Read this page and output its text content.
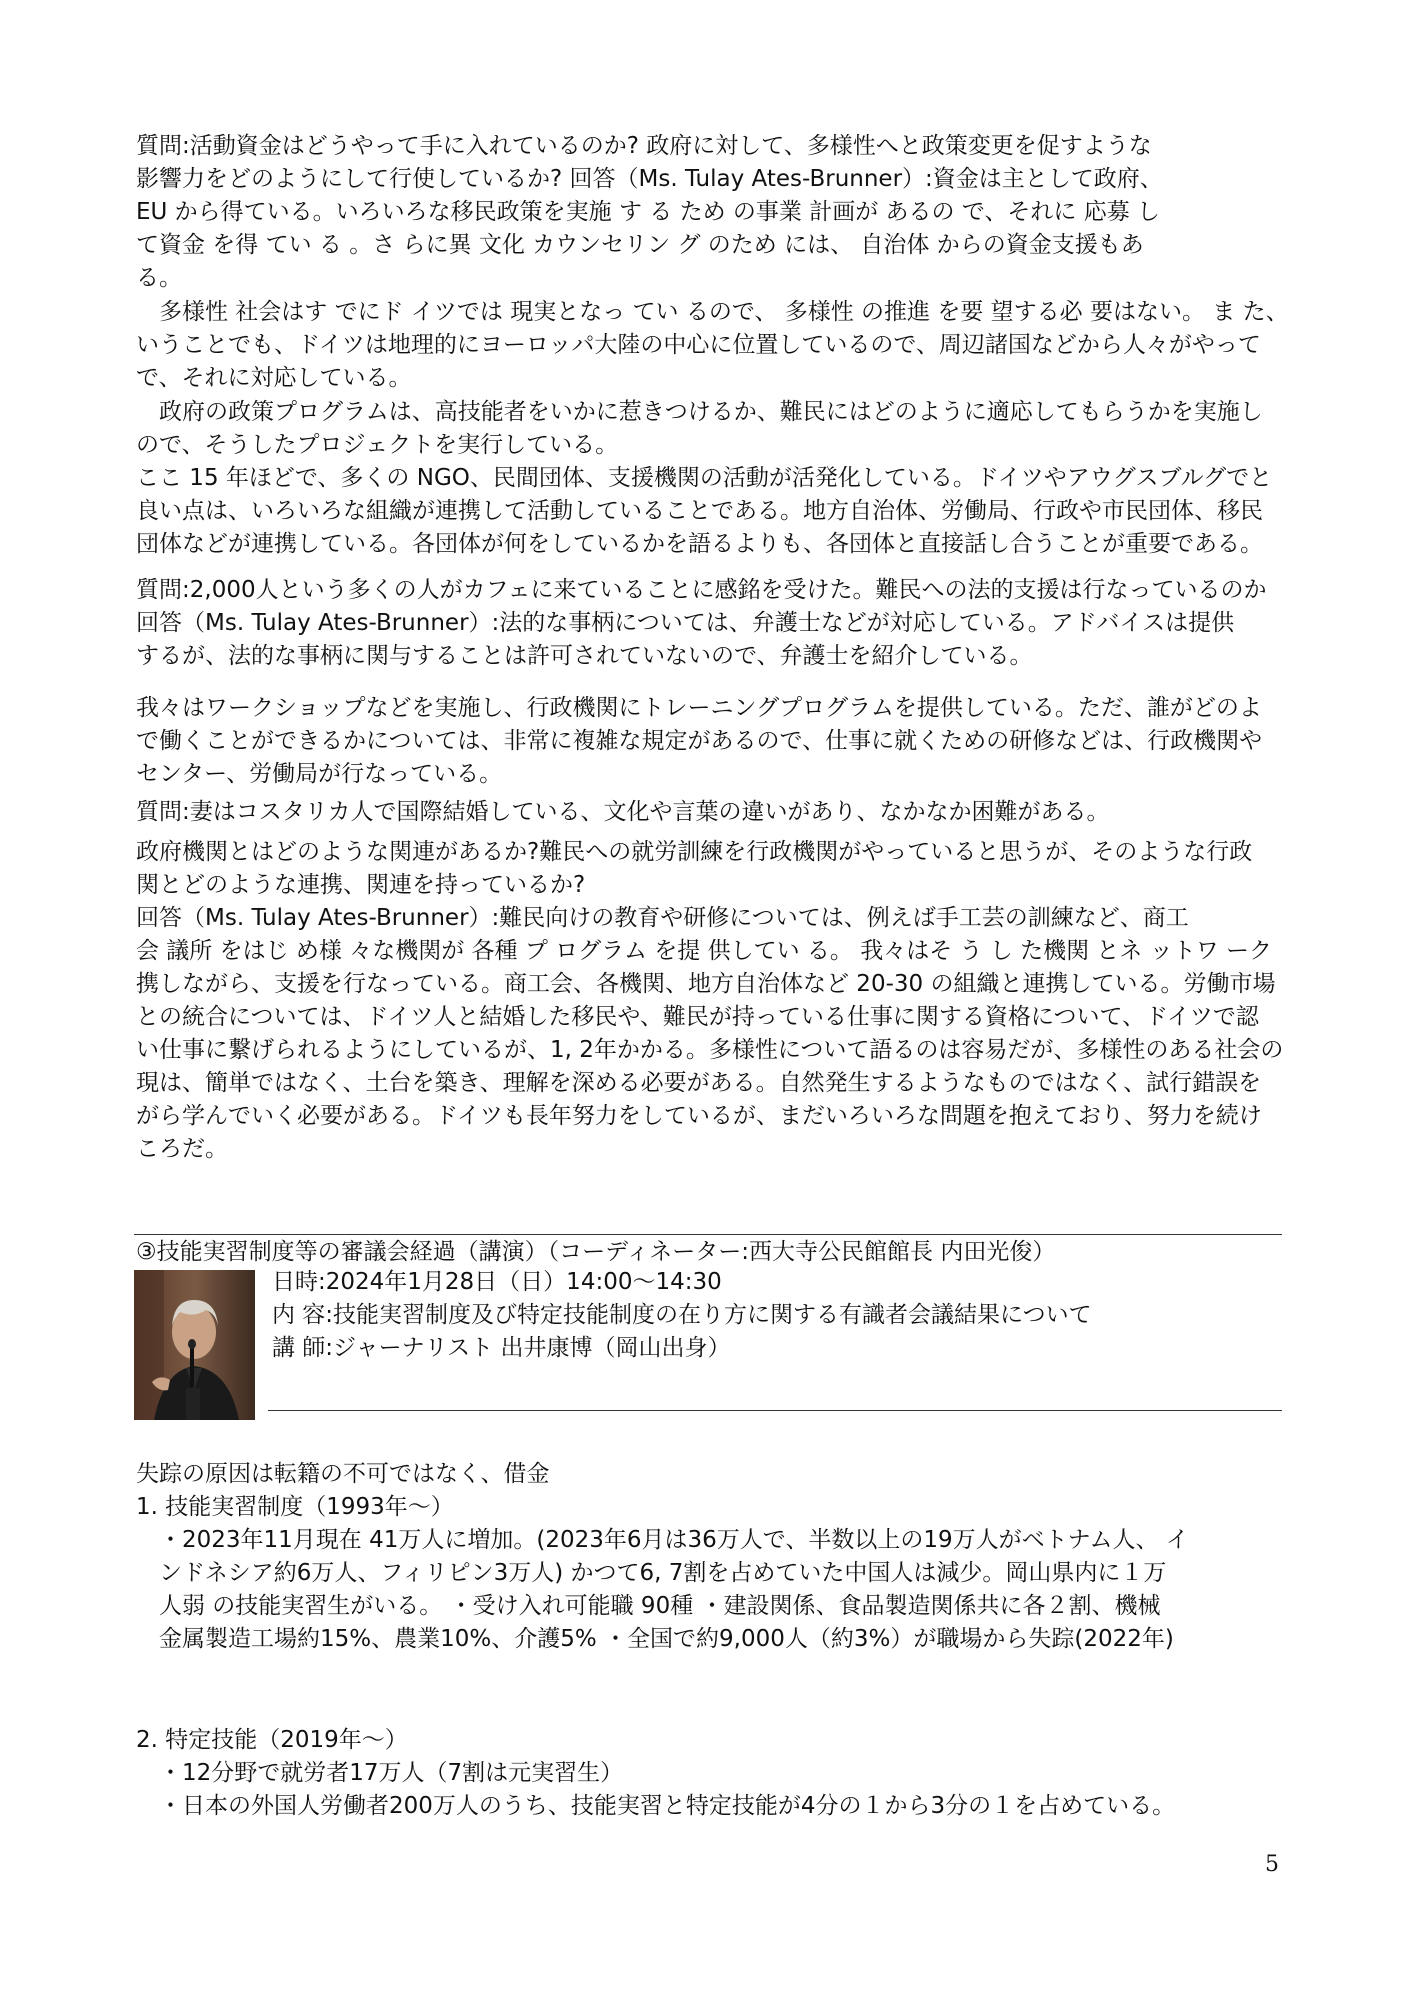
質問:活動資金はどうやって手に入れているのか? 政府に対して、多様性へと政策変更を促すような

影響力をどのようにして行使しているか? 回答（Ms. Tulay Ates-Brunner）:資金は主として政府、

EU から得ている。いろいろな移民政策を実施 す る ため の事業 計画が あるの で、それに 応募 し

て資金 を得 てい る 。さ らに異 文化 カウンセリン グ のため には、 自治体 からの資金支援もあ

る。

　多様性 社会はす でにド イツでは 現実となっ てい るので、 多様性 の推進 を要 望する必 要はない。 ま た、

いうことでも、ドイツは地理的にヨーロッパ大陸の中心に位置しているので、周辺諸国などから人々がやって

で、それに対応している。

　政府の政策プログラムは、高技能者をいかに惹きつけるか、難民にはどのように適応してもらうかを実施し

ので、そうしたプロジェクトを実行している。

ここ 15 年ほどで、多くの NGO、民間団体、支援機関の活動が活発化している。ドイツやアウグスブルグでと

良い点は、いろいろな組織が連携して活動していることである。地方自治体、労働局、行政や市民団体、移民

団体などが連携している。各団体が何をしているかを語るよりも、各団体と直接話し合うことが重要である。

質問:2,000人という多くの人がカフェに来ていることに感銘を受けた。難民への法的支援は行なっているのか

回答（Ms. Tulay Ates-Brunner）:法的な事柄については、弁護士などが対応している。アドバイスは提供

するが、法的な事柄に関与することは許可されていないので、弁護士を紹介している。

我々はワークショップなどを実施し、行政機関にトレーニングプログラムを提供している。ただ、誰がどのよ

で働くことができるかについては、非常に複雑な規定があるので、仕事に就くための研修などは、行政機関や

センター、労働局が行なっている。

質問:妻はコスタリカ人で国際結婚している、文化や言葉の違いがあり、なかなか困難がある。

政府機関とはどのような関連があるか?難民への就労訓練を行政機関がやっていると思うが、そのような行政

関とどのような連携、関連を持っているか?

回答（Ms. Tulay Ates-Brunner）:難民向けの教育や研修については、例えば手工芸の訓練など、商工

会 議所 をはじ め様 々な機関が 各種 プ ログラム を提 供してい る。 我々はそ う し た機関 とネ ットワ ーク

携しながら、支援を行なっている。商工会、各機関、地方自治体など 20-30 の組織と連携している。労働市場

との統合については、ドイツ人と結婚した移民や、難民が持っている仕事に関する資格について、ドイツで認

い仕事に繋げられるようにしているが、1, 2年かかる。多様性について語るのは容易だが、多様性のある社会の

現は、簡単ではなく、土台を築き、理解を深める必要がある。自然発生するようなものではなく、試行錯誤を

がら学んでいく必要がある。ドイツも長年努力をしているが、まだいろいろな問題を抱えており、努力を続け

ころだ。

③技能実習制度等の審議会経過（講演）（コーディネーター:西大寺公民館館長 内田光俊）

日時:2024年1月28日（日）14:00〜14:30

内 容:技能実習制度及び特定技能制度の在り方に関する有識者会議結果について

講 師:ジャーナリスト 出井康博（岡山出身）

失踪の原因は転籍の不可ではなく、借金

1. 技能実習制度（1993年〜）

　・2023年11月現在 41万人に増加。(2023年6月は36万人で、半数以上の19万人がベトナム人、 イ

　ンドネシア約6万人、フィリピン3万人) かつて6, 7割を占めていた中国人は減少。岡山県内に１万

　人弱 の技能実習生がいる。 ・受け入れ可能職 90種 ・建設関係、食品製造関係共に各２割、機械

　金属製造工場約15%、農業10%、介護5% ・全国で約9,000人（約3%）が職場から失踪(2022年)

2. 特定技能（2019年〜）

　・12分野で就労者17万人（7割は元実習生）

　・日本の外国人労働者200万人のうち、技能実習と特定技能が4分の１から3分の１を占めている。

5
